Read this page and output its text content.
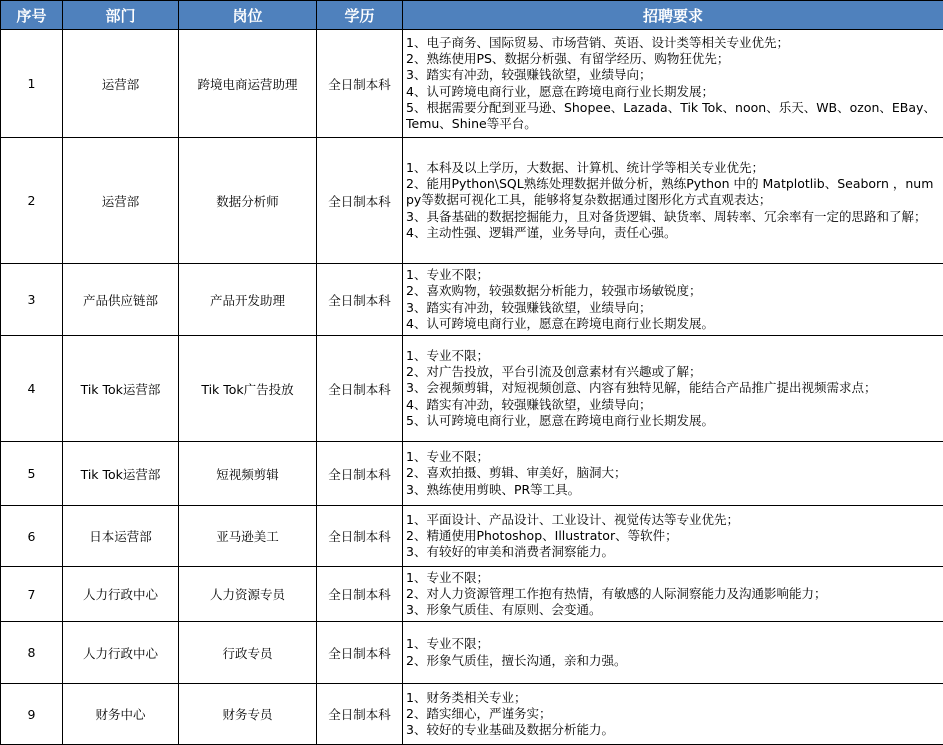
序号	部门	岗位	学历	招聘要求
1	运营部	跨境电商运营助理	全日制本科	1、电子商务、国际贸易、市场营销、英语、设计类等相关专业优先；
2、熟练使用PS、数据分析强、有留学经历、购物狂优先；
3、踏实有冲劲，较强赚钱欲望，业绩导向；
4、认可跨境电商行业，愿意在跨境电商行业长期发展；
5、根据需要分配到亚马逊、Shopee、Lazada、Tik Tok、noon、乐天、WB、ozon、EBay、Temu、Shine等平台。

2	运营部	数据分析师	全日制本科	1、本科及以上学历，大数据、计算机、统计学等相关专业优先；
2、能用Python\SQL熟练处理数据并做分析，熟练Python 中的 Matplotlib、Seaborn ，numpy等数据可视化工具，能够将复杂数据通过图形化方式直观表达；
3、具备基础的数据挖掘能力，且对备货逻辑、缺货率、周转率、冗余率有一定的思路和了解；
4、主动性强、逻辑严谨，业务导向，责任心强。

3	产品供应链部	产品开发助理	全日制本科	1、专业不限；
2、喜欢购物，较强数据分析能力，较强市场敏锐度；
3、踏实有冲劲，较强赚钱欲望，业绩导向；
4、认可跨境电商行业，愿意在跨境电商行业长期发展。

4	Tik Tok运营部	Tik Tok广告投放	全日制本科	1、专业不限；
2、对广告投放，平台引流及创意素材有兴趣或了解；
3、会视频剪辑，对短视频创意、内容有独特见解，能结合产品推广提出视频需求点；
4、踏实有冲劲，较强赚钱欲望，业绩导向；
5、认可跨境电商行业，愿意在跨境电商行业长期发展。

5	Tik Tok运营部	短视频剪辑	全日制本科	1、专业不限；
2、喜欢拍摄、剪辑、审美好，脑洞大；
3、熟练使用剪映、PR等工具。

6	日本运营部	亚马逊美工	全日制本科	1、平面设计、产品设计、工业设计、视觉传达等专业优先；
2、精通使用Photoshop、Illustrator、等软件；
3、有较好的审美和消费者洞察能力。

7	人力行政中心	人力资源专员	全日制本科	1、专业不限；
2、对人力资源管理工作抱有热情，有敏感的人际洞察能力及沟通影响能力；
3、形象气质佳、有原则、会变通。

8	人力行政中心	行政专员	全日制本科	1、专业不限；
2、形象气质佳，擅长沟通，亲和力强。

9	财务中心	财务专员	全日制本科	1、财务类相关专业；
2、踏实细心，严谨务实；
3、较好的专业基础及数据分析能力。
